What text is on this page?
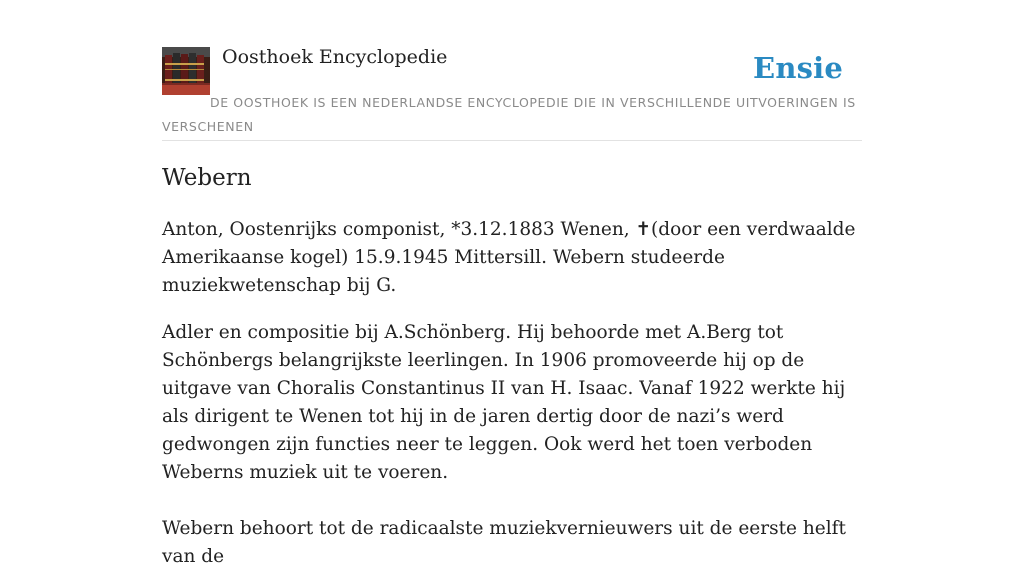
Oosthoek Encyclopedie	Ensie
DE OOSTHOEK IS EEN NEDERLANDSE ENCYCLOPEDIE DIE IN VERSCHILLENDE UITVOERINGEN IS VERSCHENEN
Webern

Anton, Oostenrijks componist, *3.12.1883 Wenen, ✝(door een verdwaalde Amerikaanse kogel) 15.9.1945 Mittersill. Webern studeerde muziekwetenschap bij G.

Adler en compositie bij A.Schönberg. Hij behoorde met A.Berg tot Schönbergs belangrijkste leerlingen. In 1906 promoveerde hij op de uitgave van Choralis Constantinus II van H. Isaac. Vanaf 1922 werkte hij als dirigent te Wenen tot hij in de jaren dertig door de nazi’s werd gedwongen zijn functies neer te leggen. Ook werd het toen verboden Weberns muziek uit te voeren.

Webern behoort tot de radicaalste muziekvernieuwers uit de eerste helft van de
